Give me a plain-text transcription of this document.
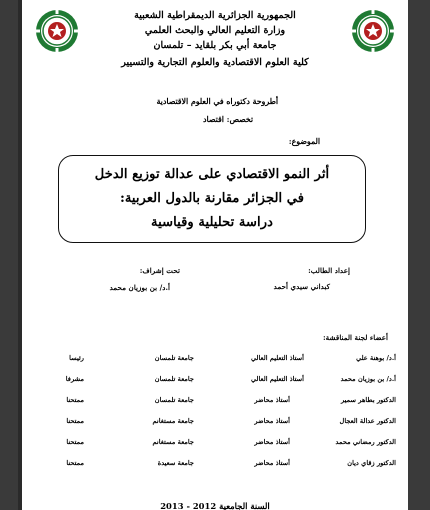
الجمهورية الجزائرية الديمقراطية الشعبية
وزارة التعليم العالي والبحث العلمي
جامعة أبي بكر بلقايد – تلمسان
كلية العلوم الاقتصادية والعلوم التجارية والتسيير
أطروحة دكتوراه في العلوم الاقتصادية
تخصص: اقتصاد
الموضوع:
أثر النمو الاقتصادي على عدالة توزيع الدخل
في الجزائر مقارنة بالدول العربية:
دراسة تحليلية وقياسية
إعداد الطالب:
كبداني سيدي أحمد
تحت إشراف:
أ.د/ بن بوزيان محمد
أعضاء لجنة المناقشة:
أ.د/ بوهنة علي
أستاذ التعليم العالي
جامعة تلمسان
رئيسا
أ.د/ بن بوزيان محمد
أستاذ التعليم العالي
جامعة تلمسان
مشرفا
الدكتور بطاهر سمير
أستاذ محاضر
جامعة تلمسان
ممتحنا
الدكتور عدالة العجال
أستاذ محاضر
جامعة مستغانم
ممتحنا
الدكتور رمضاني محمد
أستاذ محاضر
جامعة مستغانم
ممتحنا
الدكتور زقاي ديان
أستاذ محاضر
جامعة سعيدة
ممتحنا
السنة الجامعية 2012 - 2013
